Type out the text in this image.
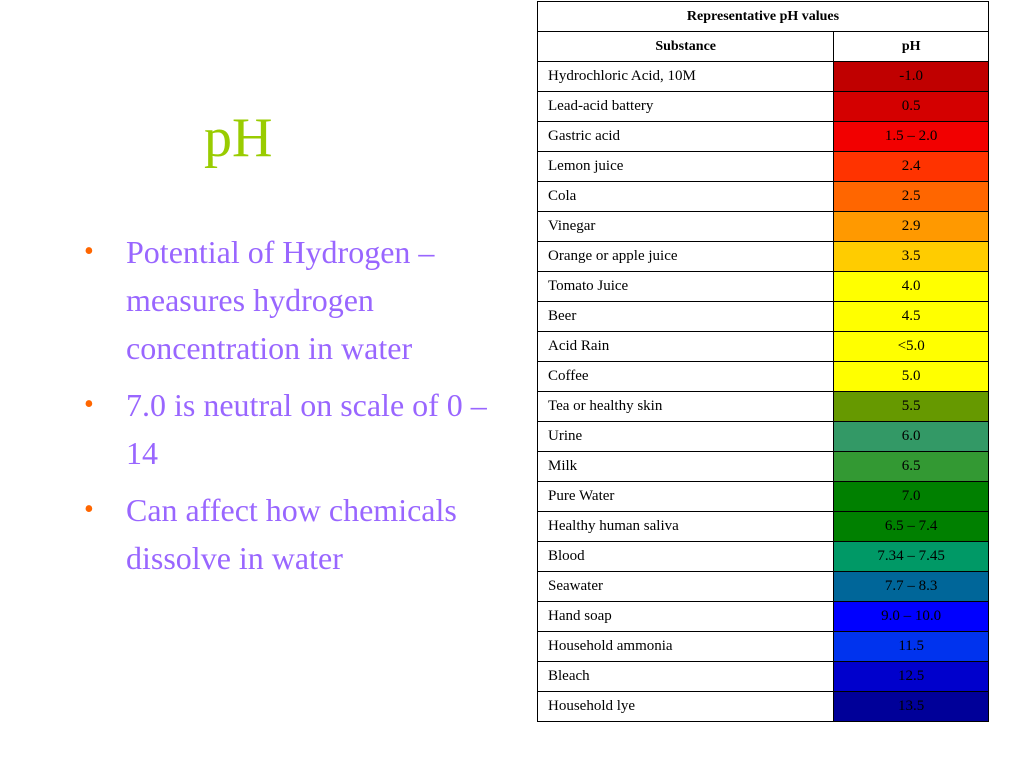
pH
• Potential of Hydrogen – measures hydrogen concentration in water
• 7.0 is neutral on scale of 0 – 14
• Can affect how chemicals dissolve in water
Representative pH values	
Substance	pH
Hydrochloric Acid, 10M	-1.0
Lead-acid battery	0.5
Gastric acid	1.5 – 2.0
Lemon juice	2.4
Cola	2.5
Vinegar	2.9
Orange or apple juice	3.5
Tomato Juice	4.0
Beer	4.5
Acid Rain	<5.0
Coffee	5.0
Tea or healthy skin	5.5
Urine	6.0
Milk	6.5
Pure Water	7.0
Healthy human saliva	6.5 – 7.4
Blood	7.34 – 7.45
Seawater	7.7 – 8.3
Hand soap	9.0 – 10.0
Household ammonia	11.5
Bleach	12.5
Household lye	13.5
